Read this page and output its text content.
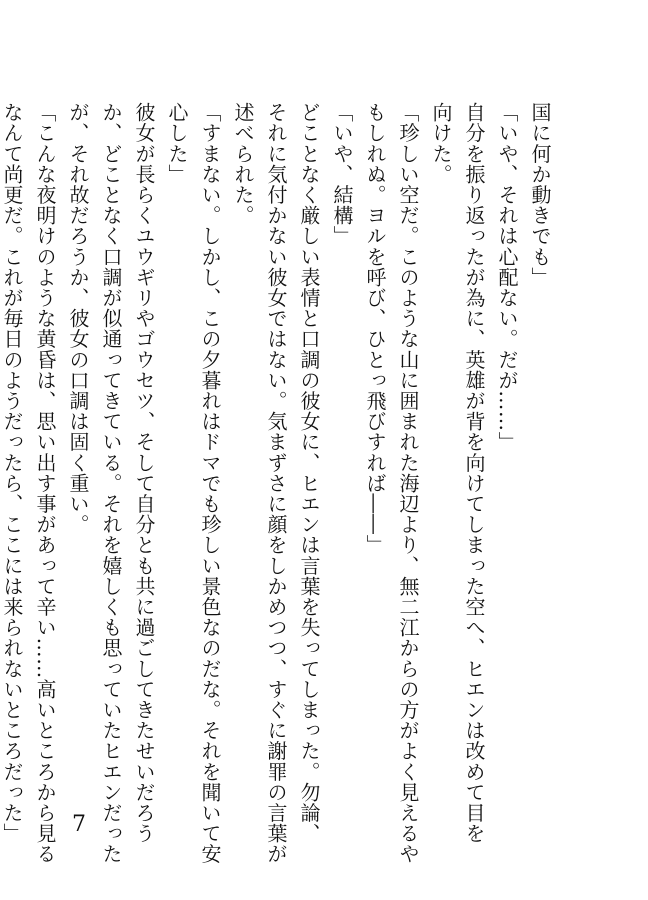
国に何か動きでも」

「いや、それは心配ない。だが……」

自分を振り返ったが為に、英雄が背を向けてしまった空へ、ヒエンは改めて目を

向けた。

「珍しい空だ。このような山に囲まれた海辺より、無二江からの方がよく見えるや

もしれぬ。ヨルを呼び、ひとっ飛びすれば――」

「いや、結構」

どことなく厳しい表情と口調の彼女に、ヒエンは言葉を失ってしまった。勿論、

それに気付かない彼女ではない。気まずさに顔をしかめつつ、すぐに謝罪の言葉が

述べられた。

「すまない。しかし、この夕暮れはドマでも珍しい景色なのだな。それを聞いて安

心した」

彼女が長らくユウギリやゴウセツ、そして自分とも共に過ごしてきたせいだろう

か、どことなく口調が似通ってきている。それを嬉しくも思っていたヒエンだった

が、それ故だろうか、彼女の口調は固く重い。

「こんな夜明けのような黄昏は、思い出す事があって辛い……高いところから見る

なんて尚更だ。これが毎日のようだったら、ここには来られないところだった」 7
